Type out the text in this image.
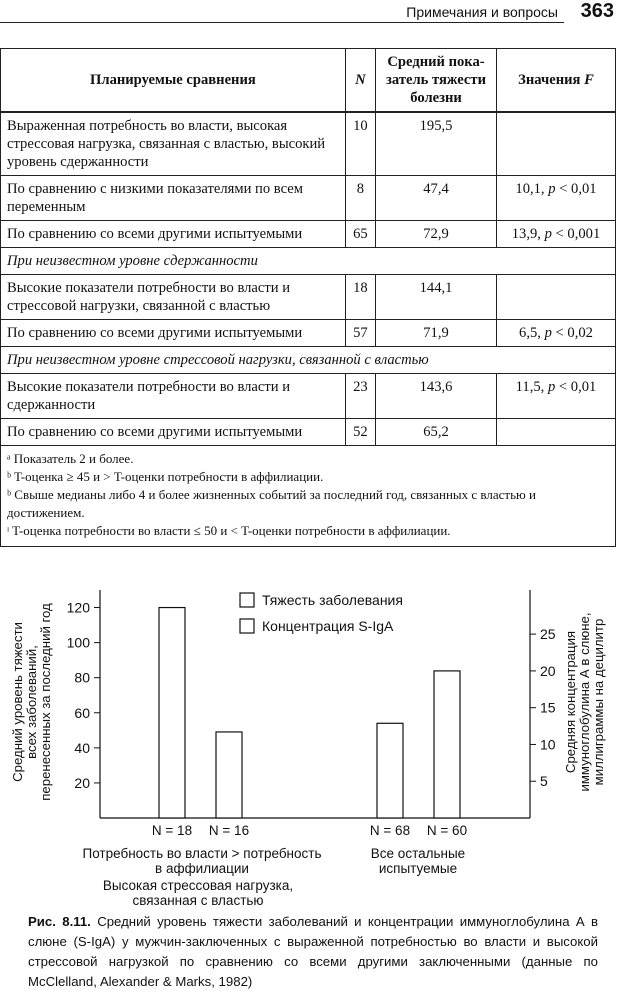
Примечания и вопросы 363
Планируемые сравнения	N	Средний пока-
затель тяжести
болезни	Значения F
Выраженная потребность во власти, высокая стрессовая нагрузка, связанная с властью, высокий уровень сдержанности	10	195,5	
По сравнению с низкими показателями по всем переменным	8	47,4	10,1, p < 0,01
По сравнению со всеми другими испытуемыми	65	72,9	13,9, p < 0,001
При неизвестном уровне сдержанности			
Высокие показатели потребности во власти и стрессовой нагрузки, связанной с властью	18	144,1	
По сравнению со всеми другими испытуемыми	57	71,9	6,5, p < 0,02
При неизвестном уровне стрессовой нагрузки, связанной с властью			
Высокие показатели потребности во власти и сдержанности	23	143,6	11,5, p < 0,01
По сравнению со всеми другими испытуемыми	52	65,2	
ᵃ Показатель 2 и более.
ᵇ T-оценка ≥ 45 и > T-оценки потребности в аффилиации.
ᵇ Свыше медианы либо 4 и более жизненных событий за последний год, связанных с властью и достижением.
ᶦ T-оценка потребности во власти ≤ 50 и < T-оценки потребности в аффилиации.
20
40
60
80
100
120
5
10
15
20
25
N = 18 N = 16	N = 68 N = 60
Тяжесть заболевания
Концентрация S-IgA
Потребность во власти > потребность в аффилиации
Все остальные испытуемые
Высокая стрессовая нагрузка, связанная с властью
Средний уровень тяжестивсех заболеваний,перенесенных за последний год	Средняя концентрацияиммуноглобулина А в слюне,миллиграммы на децилитр
Рис. 8.11. Средний уровень тяжести заболеваний и концентрации иммуноглобулина А в слюне (S-IgA) у мужчин-заключенных с выраженной потребностью во власти и высокой стрессовой нагрузкой по сравнению со всеми другими заключенными (данные по McClelland, Alexander & Marks, 1982)
